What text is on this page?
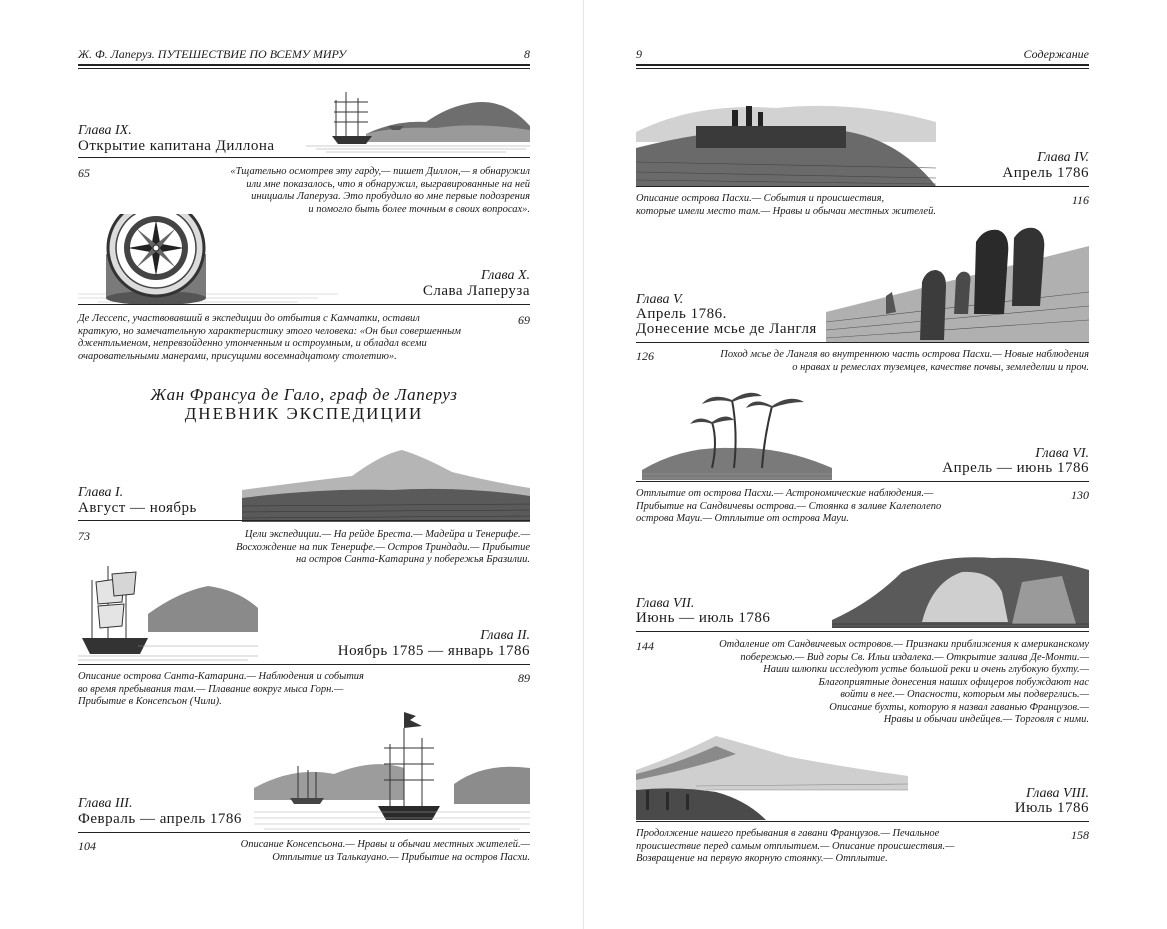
Ж. Ф. Лаперуз. ПУТЕШЕСТВИЕ ПО ВСЕМУ МИРУ	8
Глава IX.
Открытие капитана Диллона
65	«Тщательно осмотрев эту гарду,— пишет Диллон,— я обнаружил
или мне показалось, что я обнаружил, выгравированные на ней
инициалы Лаперуза. Это пробудило во мне первые подозрения
и помогло быть более точным в своих вопросах».
Глава X.
Слава Лаперуза
69
Де Лессепс, участвовавший в экспедиции до отбытия с Камчатки, оставил
краткую, но замечательную характеристику этого человека: «Он был совершенным
джентльменом, непревзойденно утонченным и остроумным, и обладал всеми
очаровательными манерами, присущими восемнадцатому столетию».
Жан Франсуа де Гало, граф де Лаперуз
ДНЕВНИК ЭКСПЕДИЦИИ
Глава I.
Август — ноябрь
73	Цели экспедиции.— На рейде Бреста.— Мадейра и Тенерифе.—
Восхождение на пик Тенерифе.— Остров Триндади.— Прибытие
на остров Санта-Катарина у побережья Бразилии.
Глава II.
Ноябрь 1785 — январь 1786
89
Описание острова Санта-Катарина.— Наблюдения и события
во время пребывания там.— Плавание вокруг мыса Горн.—
Прибытие в Консепсьон (Чили).
Глава III.
Февраль — апрель 1786
104	Описание Консепсьона.— Нравы и обычаи местных жителей.—
Отплытие из Талькауано.— Прибытие на остров Пасхи.
9	Содержание
Глава IV.
Апрель 1786
116
Описание острова Пасхи.— События и происшествия,
которые имели место там.— Нравы и обычаи местных жителей.
Глава V.
Апрель 1786.
Донесение мсье де Лангля
126	Поход мсье де Лангля во внутреннюю часть острова Пасхи.— Новые наблюдения
о нравах и ремеслах туземцев, качестве почвы, земледелии и проч.
Глава VI.
Апрель — июнь 1786
130
Отплытие от острова Пасхи.— Астрономические наблюдения.—
Прибытие на Сандвичевы острова.— Стоянка в заливе Калеполепо
острова Мауи.— Отплытие от острова Мауи.
Глава VII.
Июнь — июль 1786
144	Отдаление от Сандвичевых островов.— Признаки приближения к американскому
побережью.— Вид горы Св. Ильи издалека.— Открытие залива Де-Монти.—
Наши шлюпки исследуют устье большой реки и очень глубокую бухту.—
Благоприятные донесения наших офицеров побуждают нас
войти в нее.— Опасности, которым мы подверглись.—
Описание бухты, которую я назвал гаванью Французов.—
Нравы и обычаи индейцев.— Торговля с ними.
Глава VIII.
Июль 1786
158
Продолжение нашего пребывания в гавани Французов.— Печальное
происшествие перед самым отплытием.— Описание происшествия.—
Возвращение на первую якорную стоянку.— Отплытие.
